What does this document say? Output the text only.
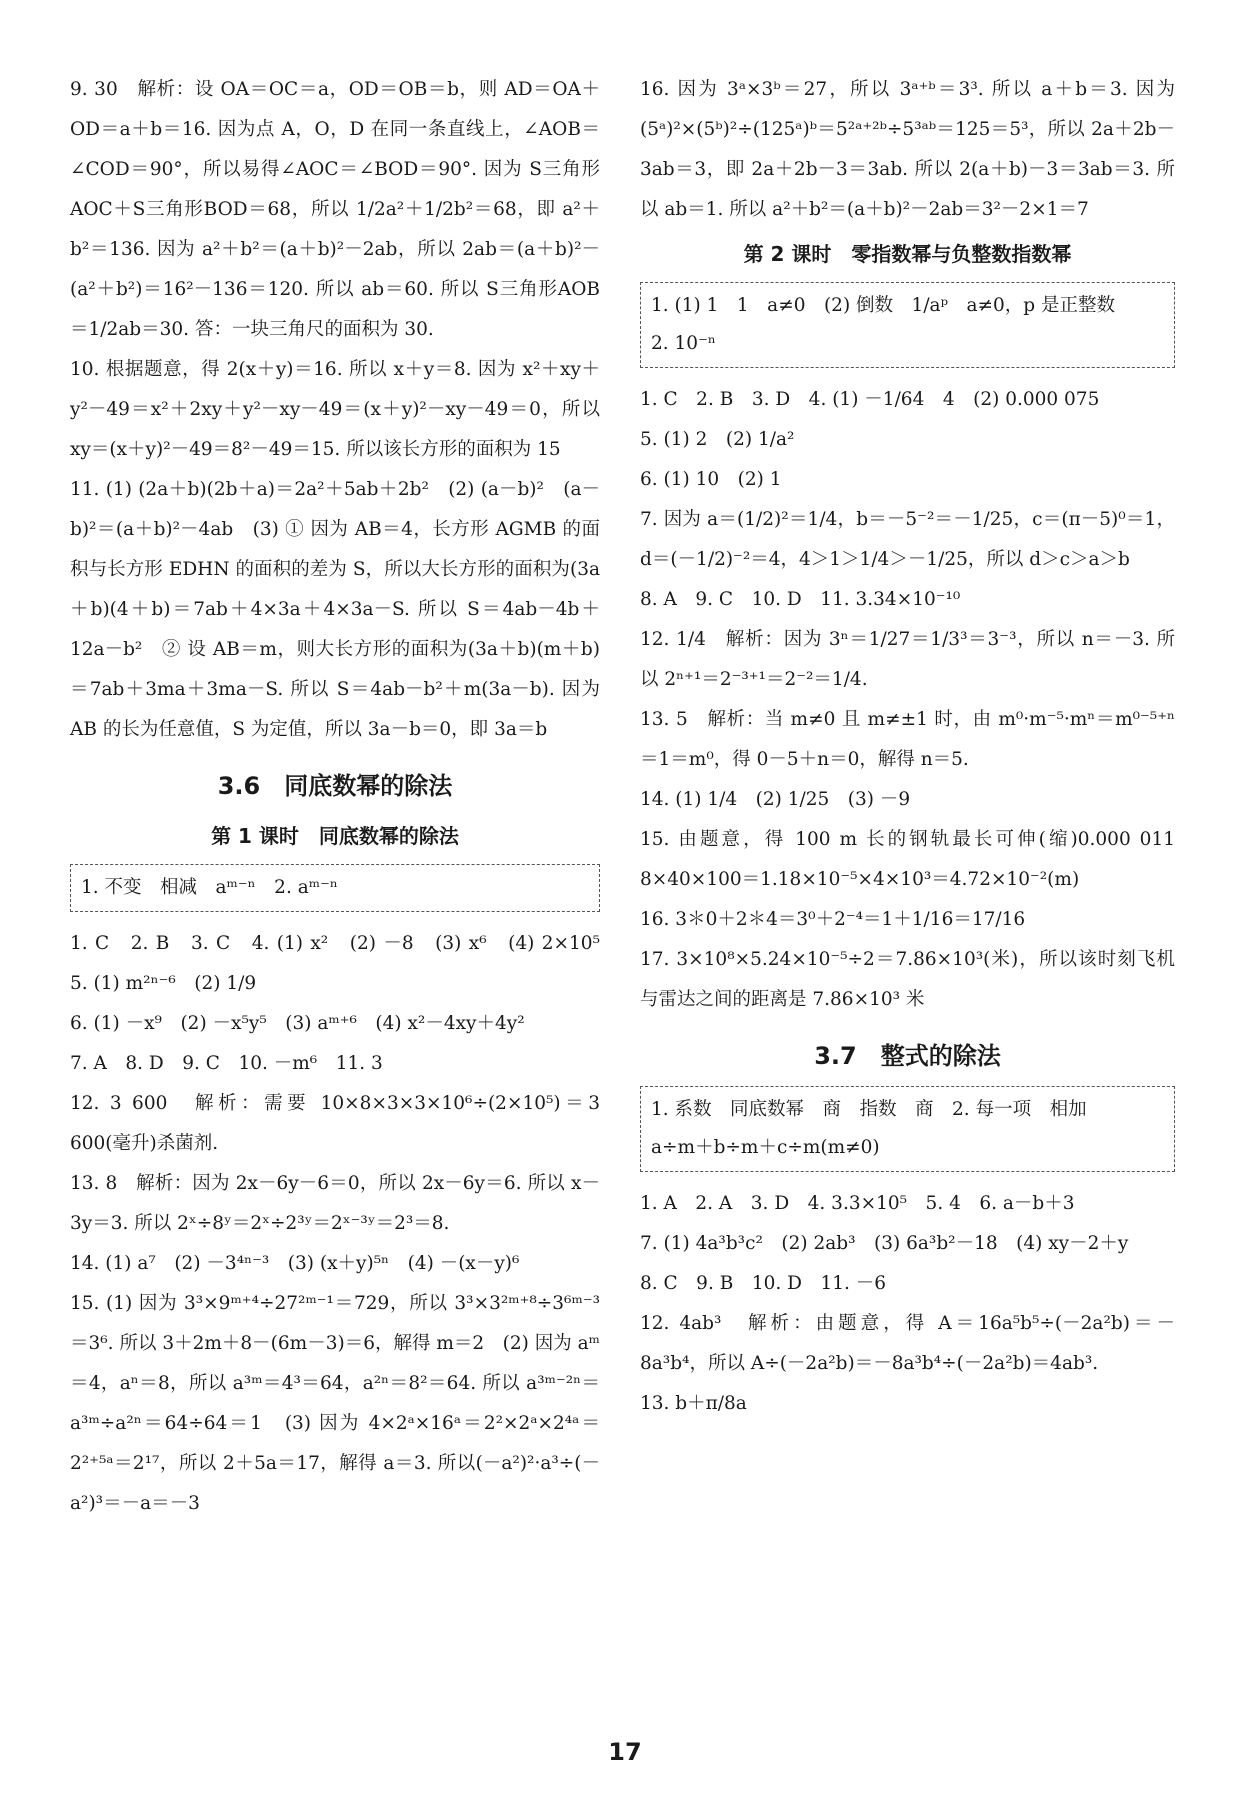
9. 30　解析：设 OA＝OC＝a，OD＝OB＝b，则 AD＝OA＋OD＝a＋b＝16. 因为点 A，O，D 在同一条直线上，∠AOB＝∠COD＝90°，所以易得∠AOC＝∠BOD＝90°. 因为 S三角形AOC＋S三角形BOD＝68，所以 1/2a²＋1/2b²＝68，即 a²＋b²＝136. 因为 a²＋b²＝(a＋b)²－2ab，所以 2ab＝(a＋b)²－(a²＋b²)＝16²－136＝120. 所以 ab＝60. 所以 S三角形AOB＝1/2ab＝30. 答：一块三角尺的面积为 30.

10. 根据题意，得 2(x＋y)＝16. 所以 x＋y＝8. 因为 x²＋xy＋y²－49＝x²＋2xy＋y²－xy－49＝(x＋y)²－xy－49＝0，所以 xy＝(x＋y)²－49＝8²－49＝15. 所以该长方形的面积为 15

11. (1) (2a＋b)(2b＋a)＝2a²＋5ab＋2b²　(2) (a－b)²　(a－b)²＝(a＋b)²－4ab　(3) ① 因为 AB＝4，长方形 AGMB 的面积与长方形 EDHN 的面积的差为 S，所以大长方形的面积为(3a＋b)(4＋b)＝7ab＋4×3a＋4×3a－S. 所以 S＝4ab－4b＋12a－b²　② 设 AB＝m，则大长方形的面积为(3a＋b)(m＋b)＝7ab＋3ma＋3ma－S. 所以 S＝4ab－b²＋m(3a－b). 因为 AB 的长为任意值，S 为定值，所以 3a－b＝0，即 3a＝b

3.6　同底数幂的除法
第 1 课时　同底数幂的除法
1. 不变　相减　aᵐ⁻ⁿ　2. aᵐ⁻ⁿ

1. C　2. B　3. C　4. (1) x²　(2) －8　(3) x⁶　(4) 2×10⁵　5. (1) m²ⁿ⁻⁶　(2) 1/9

6. (1) －x⁹　(2) －x⁵y⁵　(3) aᵐ⁺⁶　(4) x²－4xy＋4y²

7. A　8. D　9. C　10. －m⁶　11. 3

12. 3 600　解析：需要 10×8×3×3×10⁶÷(2×10⁵)＝3 600(毫升)杀菌剂.

13. 8　解析：因为 2x－6y－6＝0，所以 2x－6y＝6. 所以 x－3y＝3. 所以 2ˣ÷8ʸ＝2ˣ÷2³ʸ＝2ˣ⁻³ʸ＝2³＝8.

14. (1) a⁷　(2) －3⁴ⁿ⁻³　(3) (x＋y)⁵ⁿ　(4) －(x－y)⁶

15. (1) 因为 3³×9ᵐ⁺⁴÷27²ᵐ⁻¹＝729，所以 3³×3²ᵐ⁺⁸÷3⁶ᵐ⁻³＝3⁶. 所以 3＋2m＋8－(6m－3)＝6，解得 m＝2　(2) 因为 aᵐ＝4，aⁿ＝8，所以 a³ᵐ＝4³＝64，a²ⁿ＝8²＝64. 所以 a³ᵐ⁻²ⁿ＝a³ᵐ÷a²ⁿ＝64÷64＝1　(3) 因为 4×2ᵃ×16ᵃ＝2²×2ᵃ×2⁴ᵃ＝2²⁺⁵ᵃ＝2¹⁷，所以 2＋5a＝17，解得 a＝3. 所以(－a²)²·a³÷(－a²)³＝－a＝－3

16. 因为 3ᵃ×3ᵇ＝27，所以 3ᵃ⁺ᵇ＝3³. 所以 a＋b＝3. 因为(5ᵃ)²×(5ᵇ)²÷(125ᵃ)ᵇ＝5²ᵃ⁺²ᵇ÷5³ᵃᵇ＝125＝5³，所以 2a＋2b－3ab＝3，即 2a＋2b－3＝3ab. 所以 2(a＋b)－3＝3ab＝3. 所以 ab＝1. 所以 a²＋b²＝(a＋b)²－2ab＝3²－2×1＝7

第 2 课时　零指数幂与负整数指数幂
1. (1) 1　1　a≠0　(2) 倒数　1/aᵖ　a≠0，p 是正整数
2. 10⁻ⁿ

1. C　2. B　3. D　4. (1) －1/64　4　(2) 0.000 075

5. (1) 2　(2) 1/a²

6. (1) 10　(2) 1

7. 因为 a＝(1/2)²＝1/4，b＝－5⁻²＝－1/25，c＝(π－5)⁰＝1，d＝(－1/2)⁻²＝4，4＞1＞1/4＞－1/25，所以 d＞c＞a＞b

8. A　9. C　10. D　11. 3.34×10⁻¹⁰

12. 1/4　解析：因为 3ⁿ＝1/27＝1/3³＝3⁻³，所以 n＝－3. 所以 2ⁿ⁺¹＝2⁻³⁺¹＝2⁻²＝1/4.

13. 5　解析：当 m≠0 且 m≠±1 时，由 m⁰·m⁻⁵·mⁿ＝m⁰⁻⁵⁺ⁿ＝1＝m⁰，得 0－5＋n＝0，解得 n＝5.

14. (1) 1/4　(2) 1/25　(3) －9

15. 由题意，得 100 m 长的钢轨最长可伸(缩)0.000 011 8×40×100＝1.18×10⁻⁵×4×10³＝4.72×10⁻²(m)

16. 3＊0＋2＊4＝3⁰＋2⁻⁴＝1＋1/16＝17/16

17. 3×10⁸×5.24×10⁻⁵÷2＝7.86×10³(米)，所以该时刻飞机与雷达之间的距离是 7.86×10³ 米

3.7　整式的除法
1. 系数　同底数幂　商　指数　商　2. 每一项　相加
a÷m＋b÷m＋c÷m(m≠0)

1. A　2. A　3. D　4. 3.3×10⁵　5. 4　6. a－b＋3

7. (1) 4a³b³c²　(2) 2ab³　(3) 6a³b²－18　(4) xy－2＋y

8. C　9. B　10. D　11. －6

12. 4ab³　解析：由题意，得 A＝16a⁵b⁵÷(－2a²b)＝－8a³b⁴，所以 A÷(－2a²b)＝－8a³b⁴÷(－2a²b)＝4ab³.

13. b＋π/8a

17
